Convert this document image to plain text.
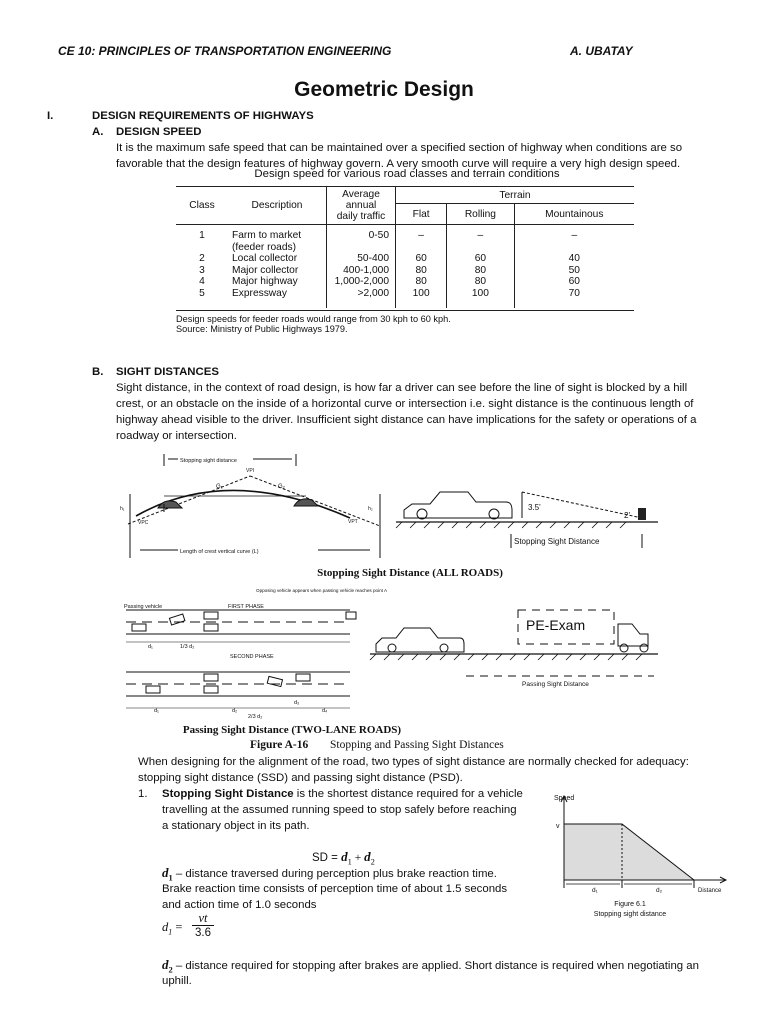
CE 10: PRINCIPLES OF TRANSPORTATION ENGINEERING	A. UBATAY
Geometric Design
I.	DESIGN REQUIREMENTS OF HIGHWAYS
A. DESIGN SPEED
It is the maximum safe speed that can be maintained over a specified section of highway when conditions are so
favorable that the design features of highway govern. A very smooth curve will require a very high design speed.
Design speed for various road classes and terrain conditions
Class	Description	Average
annual
daily traffic	Terrain		
			Flat	Rolling	Mountainous
1	Farm to market	0-50	–	–	–
	(feeder roads)				
2	Local collector	50-400	60	60	40
3	Major collector	400-1,000	80	80	50
4	Major highway	1,000-2,000	80	80	60
5	Expressway	>2,000	100	100	70
Design speeds for feeder roads would range from 30 kph to 60 kph.
Source: Ministry of Public Highways 1979.
B. SIGHT DISTANCES
Sight distance, in the context of road design, is how far a driver can see before the line of sight is blocked by a hill
crest, or an obstacle on the inside of a horizontal curve or intersection i.e. sight distance is the continuous length of
highway ahead visible to the driver. Insufficient sight distance can have implications for the safety or operations of a
roadway or intersection.
Stopping sight distance
Length of crest vertical curve (L)
VPI
VPC	VPT
G₁	G₂
h₁	h₂	3.5'
2'
Stopping Sight Distance
Stopping Sight Distance (ALL ROADS)
Opposing vehicle appears when passing vehicle reaches point A
Passing vehicle	FIRST PHASE
SECOND PHASE
1/3 d₂
2/3 d₂
d₁
d₁	d₂
d₃
d₄
PE-Exam
Passing Sight Distance
Passing Sight Distance (TWO-LANE ROADS)
Figure A-16 Stopping and Passing Sight Distances
When designing for the alignment of the road, two types of sight distance are normally checked for adequacy:
stopping sight distance (SSD) and passing sight distance (PSD).
1. Stopping Sight Distance is the shortest distance required for a vehicle
travelling at the assumed running speed to stop safely before reaching
a stationary object in its path.
SD = $d_1 + d_2$
$d_1$ – distance traversed during perception plus brake reaction time.
Brake reaction time consists of perception time of about 1.5 seconds
and action time of 1.0 seconds
$d_1 = \frac{vt}{3.6}$
$d_2$ – distance required for stopping after brakes are applied. Short distance is required when negotiating an
uphill.
Speed
v
d₁	d₂	Distance
Figure 6.1
Stopping sight distance
